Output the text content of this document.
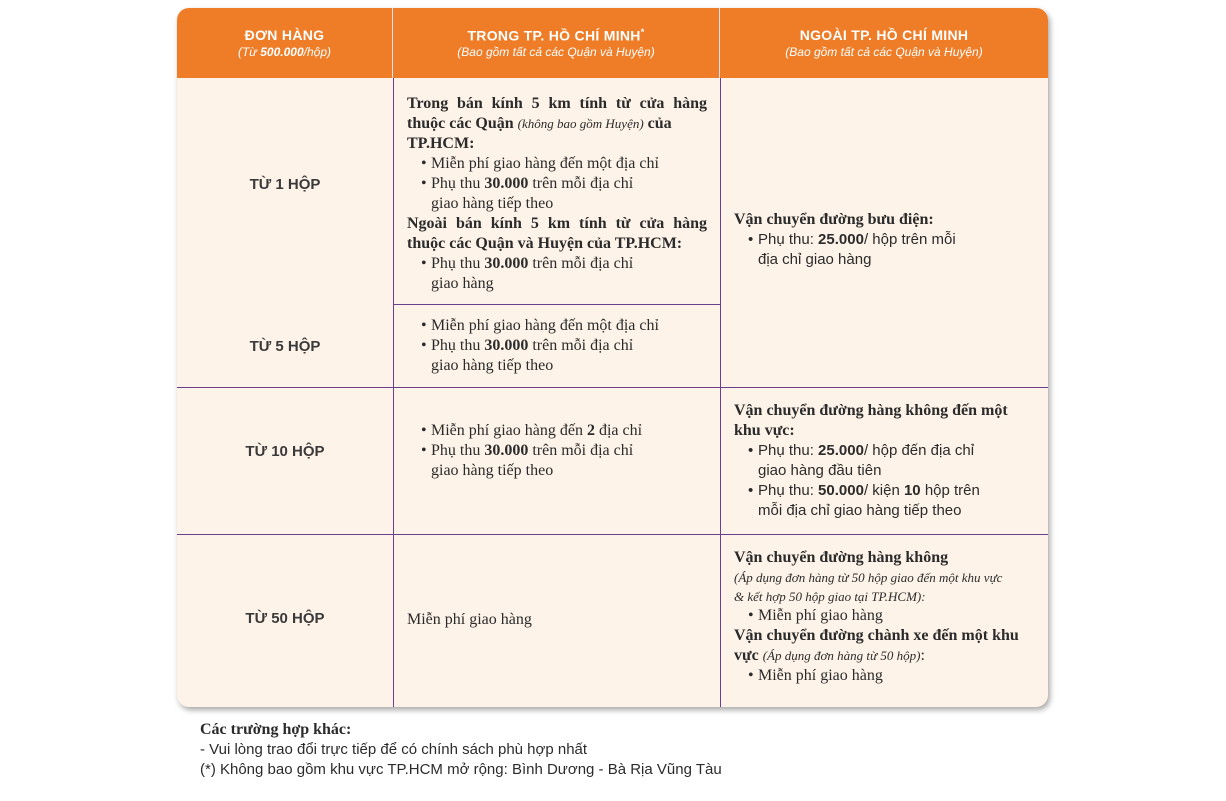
ĐƠN HÀNG
(Từ 500.000/hộp)
TRONG TP. HỒ CHÍ MINH*
(Bao gồm tất cả các Quận và Huyện)
NGOÀI TP. HỒ CHÍ MINH
(Bao gồm tất cả các Quận và Huyện)
TỪ 1 HỘP
TỪ 5 HỘP
TỪ 10 HỘP
TỪ 50 HỘP
Trong bán kính 5 km tính từ cửa hàng
thuộc các Quận (không bao gồm Huyện) của
TP.HCM:
• Miễn phí giao hàng đến một địa chỉ
• Phụ thu 30.000 trên mỗi địa chỉ
giao hàng tiếp theo
Ngoài bán kính 5 km tính từ cửa hàng
thuộc các Quận và Huyện của TP.HCM:
• Phụ thu 30.000 trên mỗi địa chỉ
giao hàng
• Miễn phí giao hàng đến một địa chỉ
• Phụ thu 30.000 trên mỗi địa chỉ
giao hàng tiếp theo
• Miễn phí giao hàng đến 2 địa chỉ
• Phụ thu 30.000 trên mỗi địa chỉ
giao hàng tiếp theo
Miễn phí giao hàng
Vận chuyển đường bưu điện:
• Phụ thu: 25.000/ hộp trên mỗi
địa chỉ giao hàng
Vận chuyển đường hàng không đến một
khu vực:
• Phụ thu: 25.000/ hộp đến địa chỉ
giao hàng đầu tiên
• Phụ thu: 50.000/ kiện 10 hộp trên
mỗi địa chỉ giao hàng tiếp theo
Vận chuyển đường hàng không
(Áp dụng đơn hàng từ 50 hộp giao đến một khu vực
& kết hợp 50 hộp giao tại TP.HCM):
• Miễn phí giao hàng
Vận chuyển đường chành xe đến một khu
vực (Áp dụng đơn hàng từ 50 hộp):
• Miễn phí giao hàng
Các trường hợp khác:
- Vui lòng trao đổi trực tiếp để có chính sách phù hợp nhất
(*) Không bao gồm khu vực TP.HCM mở rộng: Bình Dương - Bà Rịa Vũng Tàu
